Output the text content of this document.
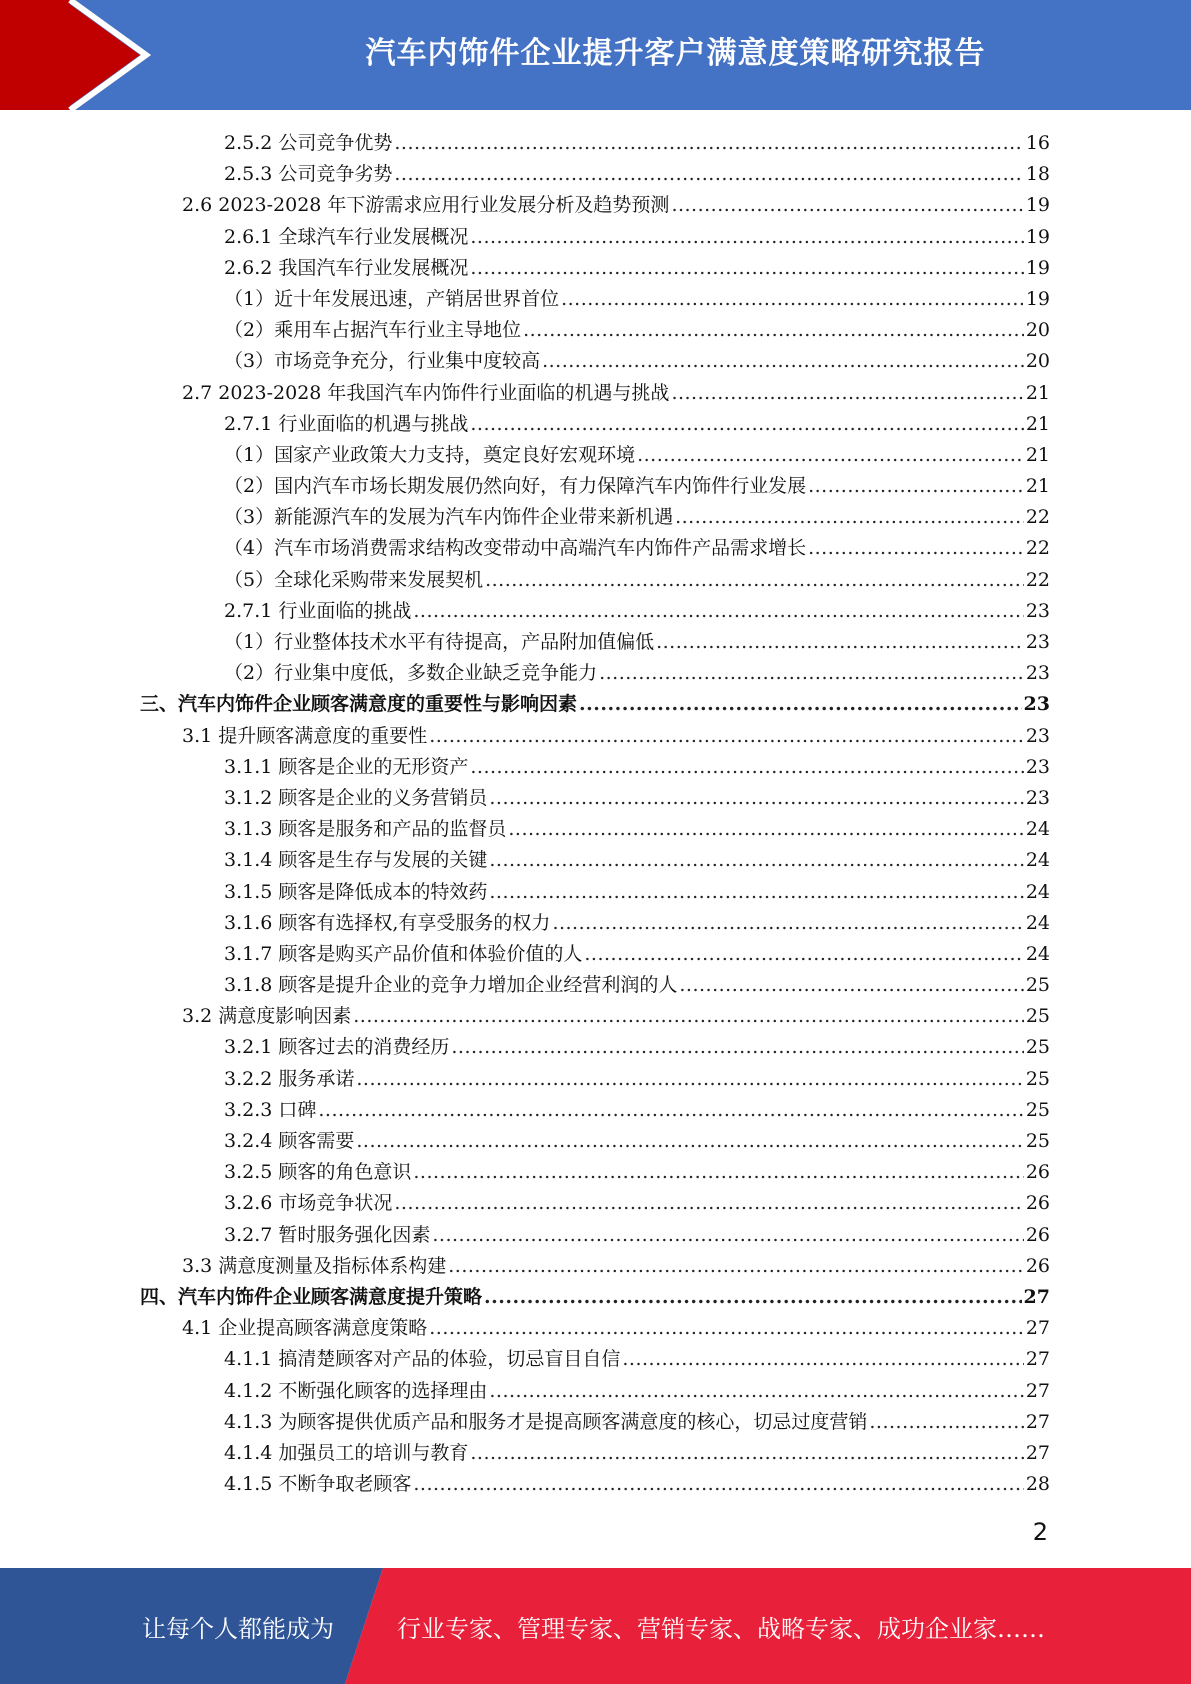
汽车内饰件企业提升客户满意度策略研究报告
2.5.2 公司竞争优势 .....	16
2.5.3 公司竞争劣势 .....	18
2.6 2023-2028 年下游需求应用行业发展分析及趋势预测 .....	19
2.6.1 全球汽车行业发展概况 .....	19
2.6.2 我国汽车行业发展概况 .....	19
（1）近十年发展迅速，产销居世界首位 .....	19
（2）乘用车占据汽车行业主导地位 .....	20
（3）市场竞争充分，行业集中度较高 .....	20
2.7 2023-2028 年我国汽车内饰件行业面临的机遇与挑战 .....	21
2.7.1 行业面临的机遇与挑战 .....	21
（1）国家产业政策大力支持，奠定良好宏观环境 .....	21
（2）国内汽车市场长期发展仍然向好，有力保障汽车内饰件行业发展 .....	21
（3）新能源汽车的发展为汽车内饰件企业带来新机遇 .....	22
（4）汽车市场消费需求结构改变带动中高端汽车内饰件产品需求增长 .....	22
（5）全球化采购带来发展契机 .....	22
2.7.1 行业面临的挑战 .....	23
（1）行业整体技术水平有待提高，产品附加值偏低 .....	23
（2）行业集中度低，多数企业缺乏竞争能力 .....	23
三、汽车内饰件企业顾客满意度的重要性与影响因素 .....	23
3.1 提升顾客满意度的重要性 .....	23
3.1.1 顾客是企业的无形资产 .....	23
3.1.2 顾客是企业的义务营销员 .....	23
3.1.3 顾客是服务和产品的监督员 .....	24
3.1.4 顾客是生存与发展的关键 .....	24
3.1.5 顾客是降低成本的特效药 .....	24
3.1.6 顾客有选择权,有享受服务的权力 .....	24
3.1.7 顾客是购买产品价值和体验价值的人 .....	24
3.1.8 顾客是提升企业的竞争力增加企业经营利润的人 .....	25
3.2 满意度影响因素 .....	25
3.2.1 顾客过去的消费经历 .....	25
3.2.2 服务承诺 .....	25
3.2.3 口碑 .....	25
3.2.4 顾客需要 .....	25
3.2.5 顾客的角色意识 .....	26
3.2.6 市场竞争状况 .....	26
3.2.7 暂时服务强化因素 .....	26
3.3 满意度测量及指标体系构建 .....	26
四、汽车内饰件企业顾客满意度提升策略 .....	27
4.1 企业提高顾客满意度策略 .....	27
4.1.1 搞清楚顾客对产品的体验，切忌盲目自信 .....	27
4.1.2 不断强化顾客的选择理由 .....	27
4.1.3 为顾客提供优质产品和服务才是提高顾客满意度的核心，切忌过度营销 .....	27
4.1.4 加强员工的培训与教育 .....	27
4.1.5 不断争取老顾客 .....	28
2
让每个人都能成为	行业专家、管理专家、营销专家、战略专家、成功企业家……
